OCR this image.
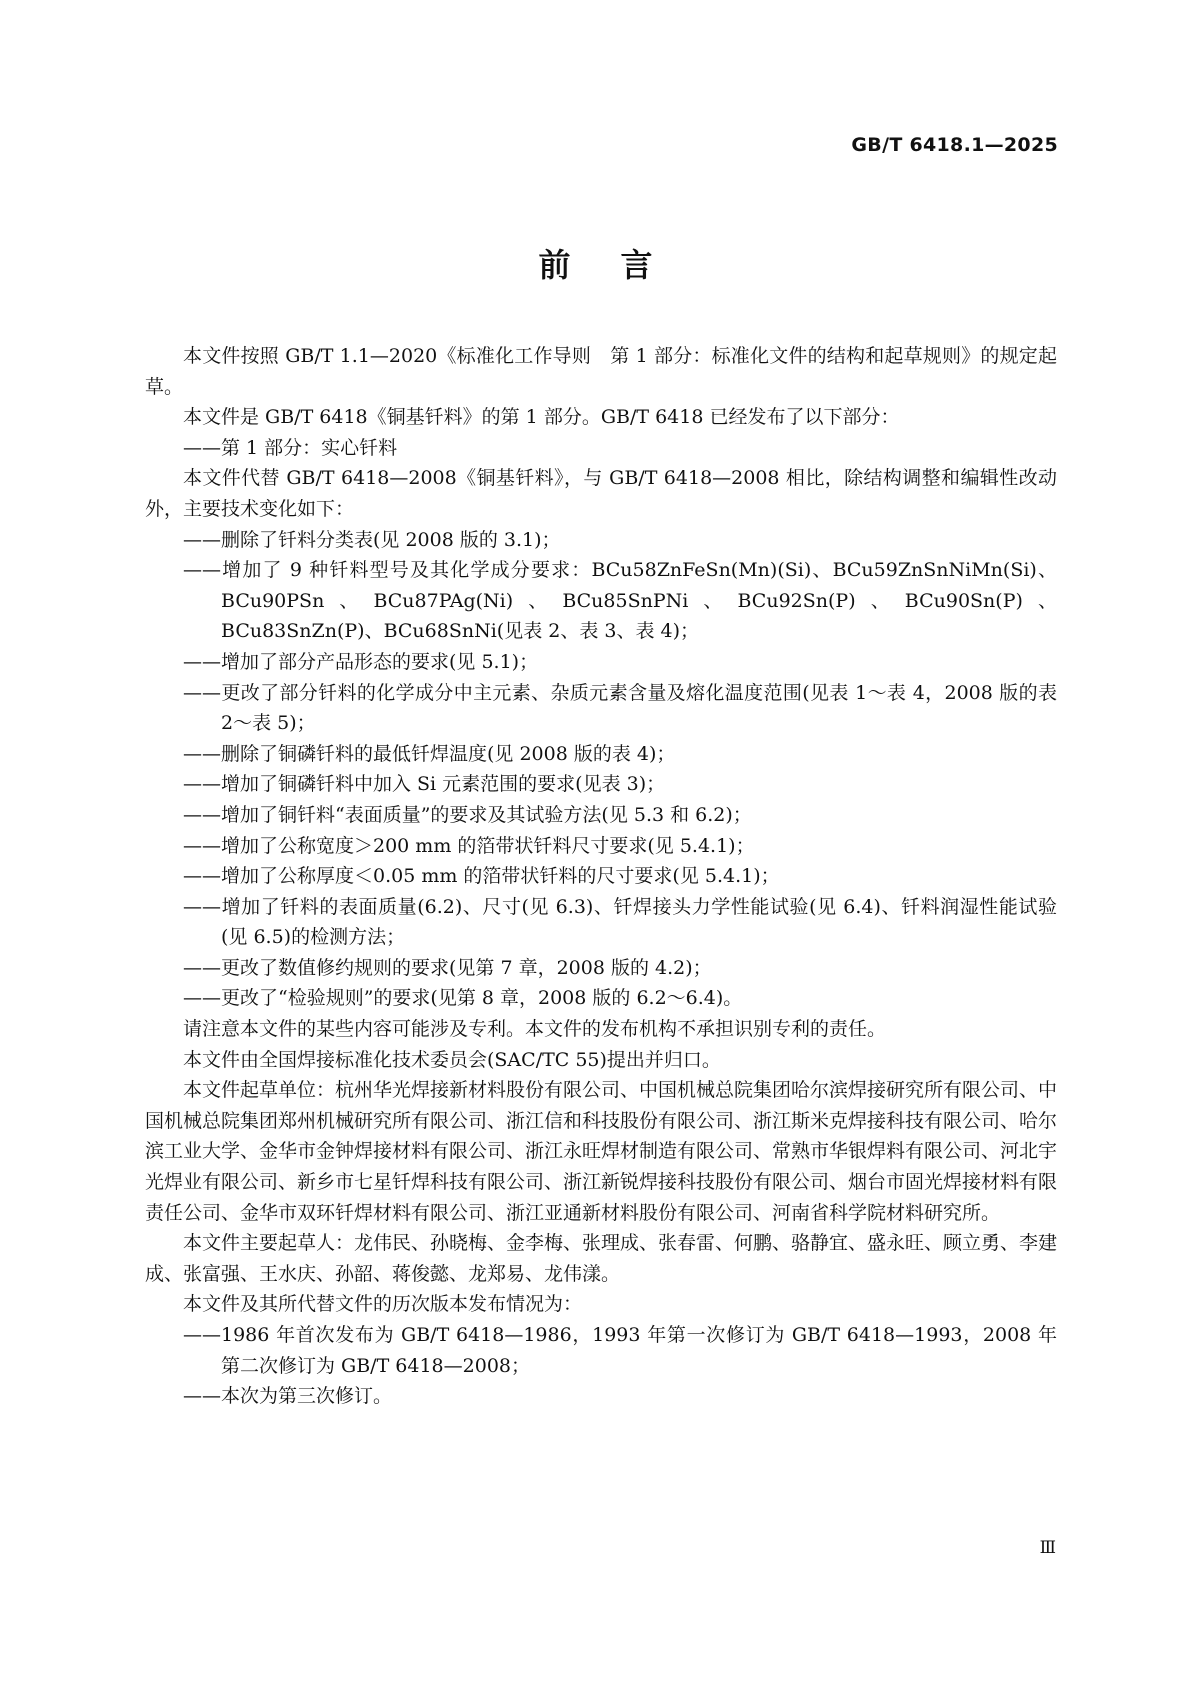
GB/T 6418.1—2025
前言

本文件按照 GB/T 1.1—2020《标准化工作导则　第 1 部分：标准化文件的结构和起草规则》的规定起草。

本文件是 GB/T 6418《铜基钎料》的第 1 部分。GB/T 6418 已经发布了以下部分：

——第 1 部分：实心钎料

本文件代替 GB/T 6418—2008《铜基钎料》，与 GB/T 6418—2008 相比，除结构调整和编辑性改动外，主要技术变化如下：

——删除了钎料分类表(见 2008 版的 3.1)；

——增加了 9 种钎料型号及其化学成分要求：BCu58ZnFeSn(Mn)(Si)、BCu59ZnSnNiMn(Si)、BCu90PSn、BCu87PAg(Ni)、BCu85SnPNi、BCu92Sn(P)、BCu90Sn(P)、BCu83SnZn(P)、BCu68SnNi(见表 2、表 3、表 4)；

——增加了部分产品形态的要求(见 5.1)；

——更改了部分钎料的化学成分中主元素、杂质元素含量及熔化温度范围(见表 1～表 4，2008 版的表 2～表 5)；

——删除了铜磷钎料的最低钎焊温度(见 2008 版的表 4)；

——增加了铜磷钎料中加入 Si 元素范围的要求(见表 3)；

——增加了铜钎料“表面质量”的要求及其试验方法(见 5.3 和 6.2)；

——增加了公称宽度＞200 mm 的箔带状钎料尺寸要求(见 5.4.1)；

——增加了公称厚度＜0.05 mm 的箔带状钎料的尺寸要求(见 5.4.1)；

——增加了钎料的表面质量(6.2)、尺寸(见 6.3)、钎焊接头力学性能试验(见 6.4)、钎料润湿性能试验(见 6.5)的检测方法；

——更改了数值修约规则的要求(见第 7 章，2008 版的 4.2)；

——更改了“检验规则”的要求(见第 8 章，2008 版的 6.2～6.4)。

请注意本文件的某些内容可能涉及专利。本文件的发布机构不承担识别专利的责任。

本文件由全国焊接标准化技术委员会(SAC/TC 55)提出并归口。

本文件起草单位：杭州华光焊接新材料股份有限公司、中国机械总院集团哈尔滨焊接研究所有限公司、中国机械总院集团郑州机械研究所有限公司、浙江信和科技股份有限公司、浙江斯米克焊接科技有限公司、哈尔滨工业大学、金华市金钟焊接材料有限公司、浙江永旺焊材制造有限公司、常熟市华银焊料有限公司、河北宇光焊业有限公司、新乡市七星钎焊科技有限公司、浙江新锐焊接科技股份有限公司、烟台市固光焊接材料有限责任公司、金华市双环钎焊材料有限公司、浙江亚通新材料股份有限公司、河南省科学院材料研究所。

本文件主要起草人：龙伟民、孙晓梅、金李梅、张理成、张春雷、何鹏、骆静宜、盛永旺、顾立勇、李建成、张富强、王水庆、孙韶、蒋俊懿、龙郑易、龙伟漾。

本文件及其所代替文件的历次版本发布情况为：

——1986 年首次发布为 GB/T 6418—1986，1993 年第一次修订为 GB/T 6418—1993，2008 年第二次修订为 GB/T 6418—2008；

——本次为第三次修订。

Ⅲ
